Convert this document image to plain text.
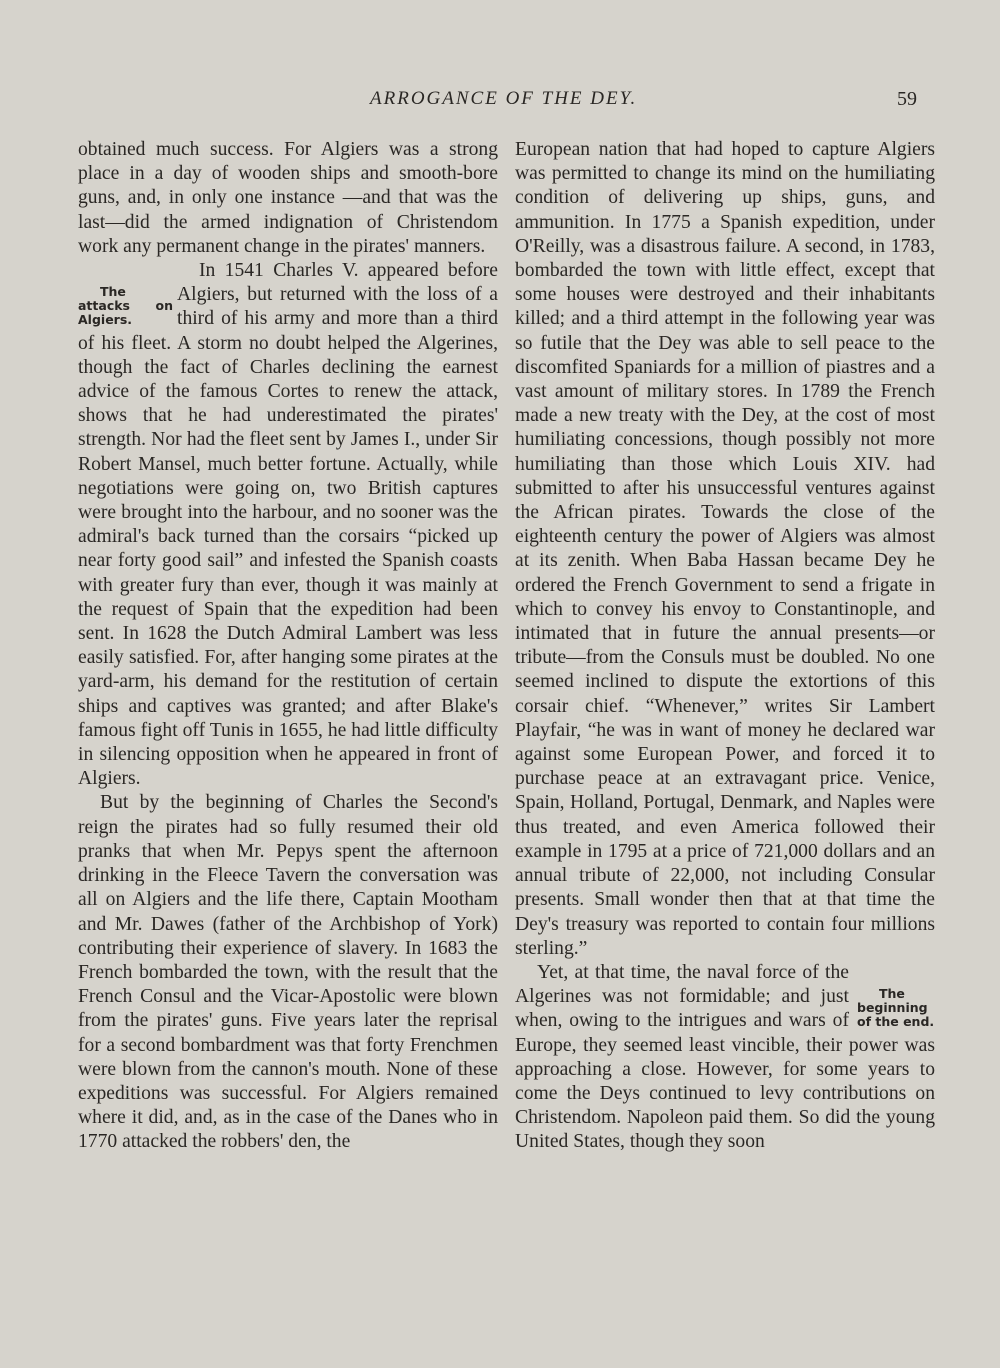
ARROGANCE OF THE DEY.	59

obtained much success. For Algiers was a strong place in a day of wooden ships and smooth-bore guns, and, in only one instance —and that was the last—did the armed indignation of Christendom work any permanent change in the pirates' manners.

The attacks on Algiers.
In 1541 Charles V. appeared before Algiers, but returned with the loss of a third of his army and more than a third of his fleet. A storm no doubt helped the Algerines, though the fact of Charles declining the earnest advice of the famous Cortes to renew the attack, shows that he had underestimated the pirates' strength. Nor had the fleet sent by James I., under Sir Robert Mansel, much better fortune. Actually, while negotiations were going on, two British captures were brought into the harbour, and no sooner was the admiral's back turned than the corsairs “picked up near forty good sail” and infested the Spanish coasts with greater fury than ever, though it was mainly at the request of Spain that the expedition had been sent. In 1628 the Dutch Admiral Lambert was less easily satisfied. For, after hanging some pirates at the yard-arm, his demand for the restitution of certain ships and captives was granted; and after Blake's famous fight off Tunis in 1655, he had little difficulty in silencing opposition when he appeared in front of Algiers.

But by the beginning of Charles the Second's reign the pirates had so fully resumed their old pranks that when Mr. Pepys spent the afternoon drinking in the Fleece Tavern the conversation was all on Algiers and the life there, Captain Mootham and Mr. Dawes (father of the Archbishop of York) contributing their experience of slavery. In 1683 the French bombarded the town, with the result that the French Consul and the Vicar-Apostolic were blown from the pirates' guns. Five years later the reprisal for a second bombardment was that forty Frenchmen were blown from the cannon's mouth. None of these expeditions was successful. For Algiers remained where it did, and, as in the case of the Danes who in 1770 attacked the robbers' den, the

European nation that had hoped to capture Algiers was permitted to change its mind on the humiliating condition of delivering up ships, guns, and ammunition. In 1775 a Spanish expedition, under O'Reilly, was a disastrous failure. A second, in 1783, bombarded the town with little effect, except that some houses were destroyed and their inhabitants killed; and a third attempt in the following year was so futile that the Dey was able to sell peace to the discomfited Spaniards for a million of piastres and a vast amount of military stores. In 1789 the French made a new treaty with the Dey, at the cost of most humiliating concessions, though possibly not more humiliating than those which Louis XIV. had submitted to after his unsuccessful ventures against the African pirates. Towards the close of the eighteenth century the power of Algiers was almost at its zenith. When Baba Hassan became Dey he ordered the French Government to send a frigate in which to convey his envoy to Constantinople, and intimated that in future the annual presents—or tribute—from the Consuls must be doubled. No one seemed inclined to dispute the extortions of this corsair chief. “Whenever,” writes Sir Lambert Playfair, “he was in want of money he declared war against some European Power, and forced it to purchase peace at an extravagant price. Venice, Spain, Holland, Portugal, Denmark, and Naples were thus treated, and even America followed their example in 1795 at a price of 721,000 dollars and an annual tribute of 22,000, not including Consular presents. Small wonder then that at that time the Dey's treasury was reported to contain four millions sterling.”

The beginning of the end.
Yet, at that time, the naval force of the Algerines was not formidable; and just when, owing to the intrigues and wars of Europe, they seemed least vincible, their power was approaching a close. However, for some years to come the Deys continued to levy contributions on Christendom. Napoleon paid them. So did the young United States, though they soon
